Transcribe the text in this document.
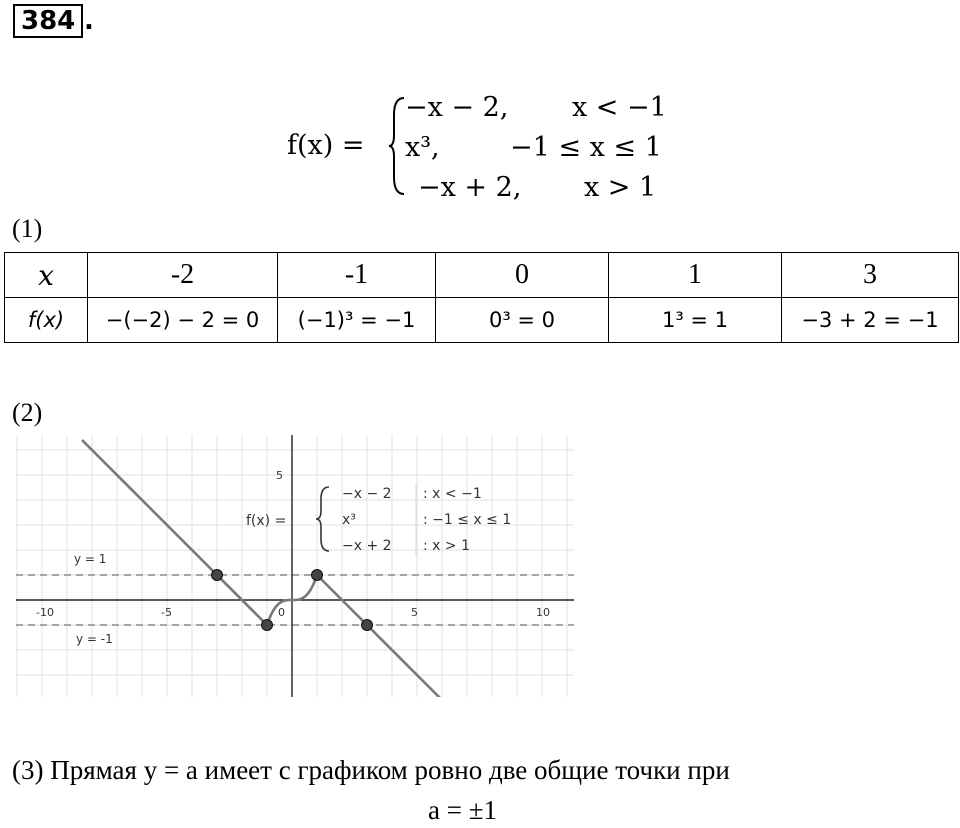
384 .
f(x) =
−x − 2, x < −1
x³,	−1 ≤ x ≤ 1
−x + 2, x > 1
(1)
x	-2	-1	0	1	3
f(x)	−(−2) − 2 = 0	(−1)³ = −1	0³ = 0	1³ = 1	−3 + 2 = −1
(2)
-10	-5	0	5	10
5
y = 1
y = -1
f(x) =
−x − 2 : x < −1
x³	: −1 ≤ x ≤ 1
−x + 2 : x > 1
(3) Прямая y = a имеет с графиком ровно две общие точки при
a = ±1
